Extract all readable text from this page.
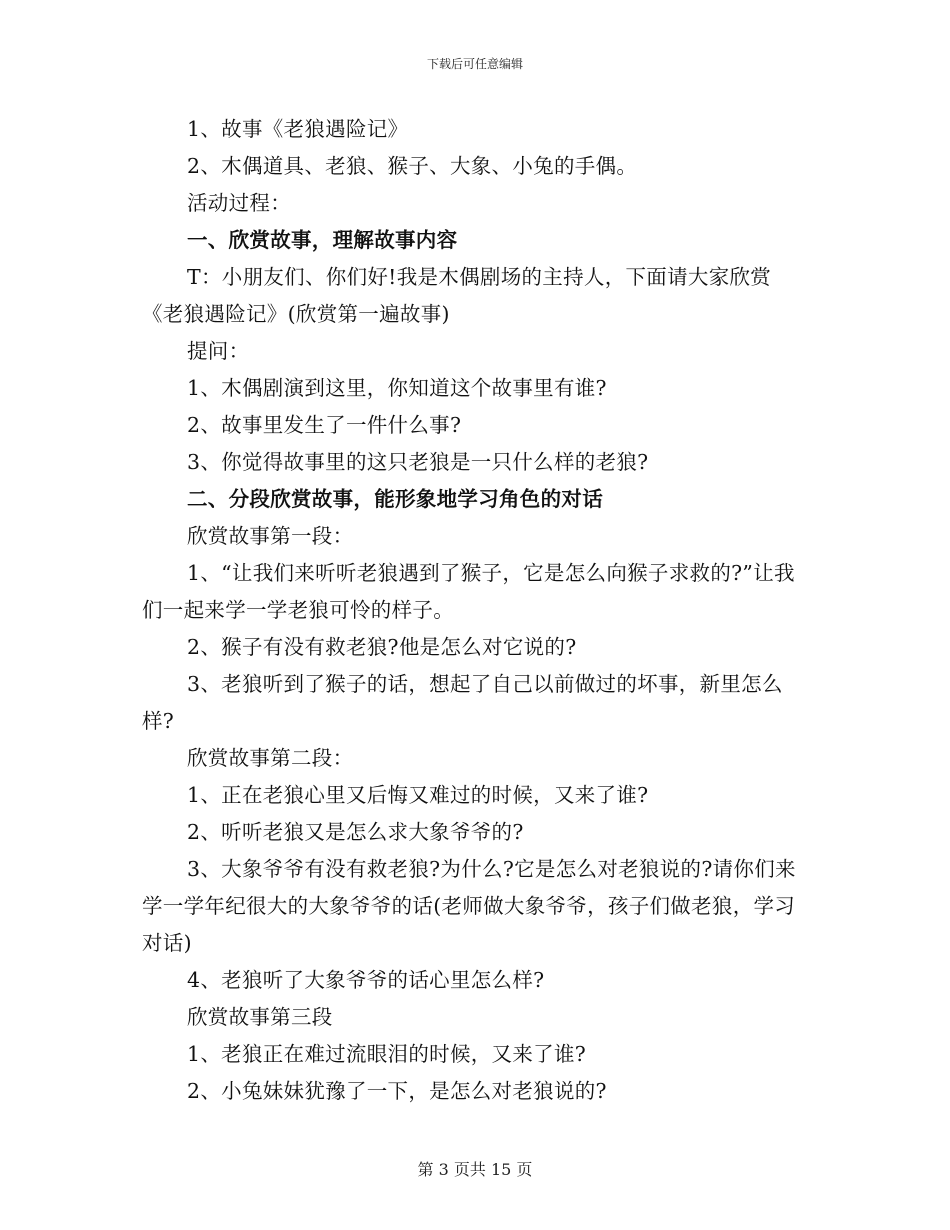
下载后可任意编辑

1、故事《老狼遇险记》

2、木偶道具、老狼、猴子、大象、小兔的手偶。

活动过程：

一、欣赏故事，理解故事内容

T：小朋友们、你们好!我是木偶剧场的主持人，下面请大家欣赏《老狼遇险记》(欣赏第一遍故事)

提问：

1、木偶剧演到这里，你知道这个故事里有谁?

2、故事里发生了一件什么事?

3、你觉得故事里的这只老狼是一只什么样的老狼?

二、分段欣赏故事，能形象地学习角色的对话

欣赏故事第一段：

1、“让我们来听听老狼遇到了猴子，它是怎么向猴子求救的?”让我们一起来学一学老狼可怜的样子。

2、猴子有没有救老狼?他是怎么对它说的?

3、老狼听到了猴子的话，想起了自己以前做过的坏事，新里怎么样?

欣赏故事第二段：

1、正在老狼心里又后悔又难过的时候，又来了谁?

2、听听老狼又是怎么求大象爷爷的?

3、大象爷爷有没有救老狼?为什么?它是怎么对老狼说的?请你们来学一学年纪很大的大象爷爷的话(老师做大象爷爷，孩子们做老狼，学习对话)

4、老狼听了大象爷爷的话心里怎么样?

欣赏故事第三段

1、老狼正在难过流眼泪的时候，又来了谁?

2、小兔妹妹犹豫了一下，是怎么对老狼说的?

第 3 页共 15 页
